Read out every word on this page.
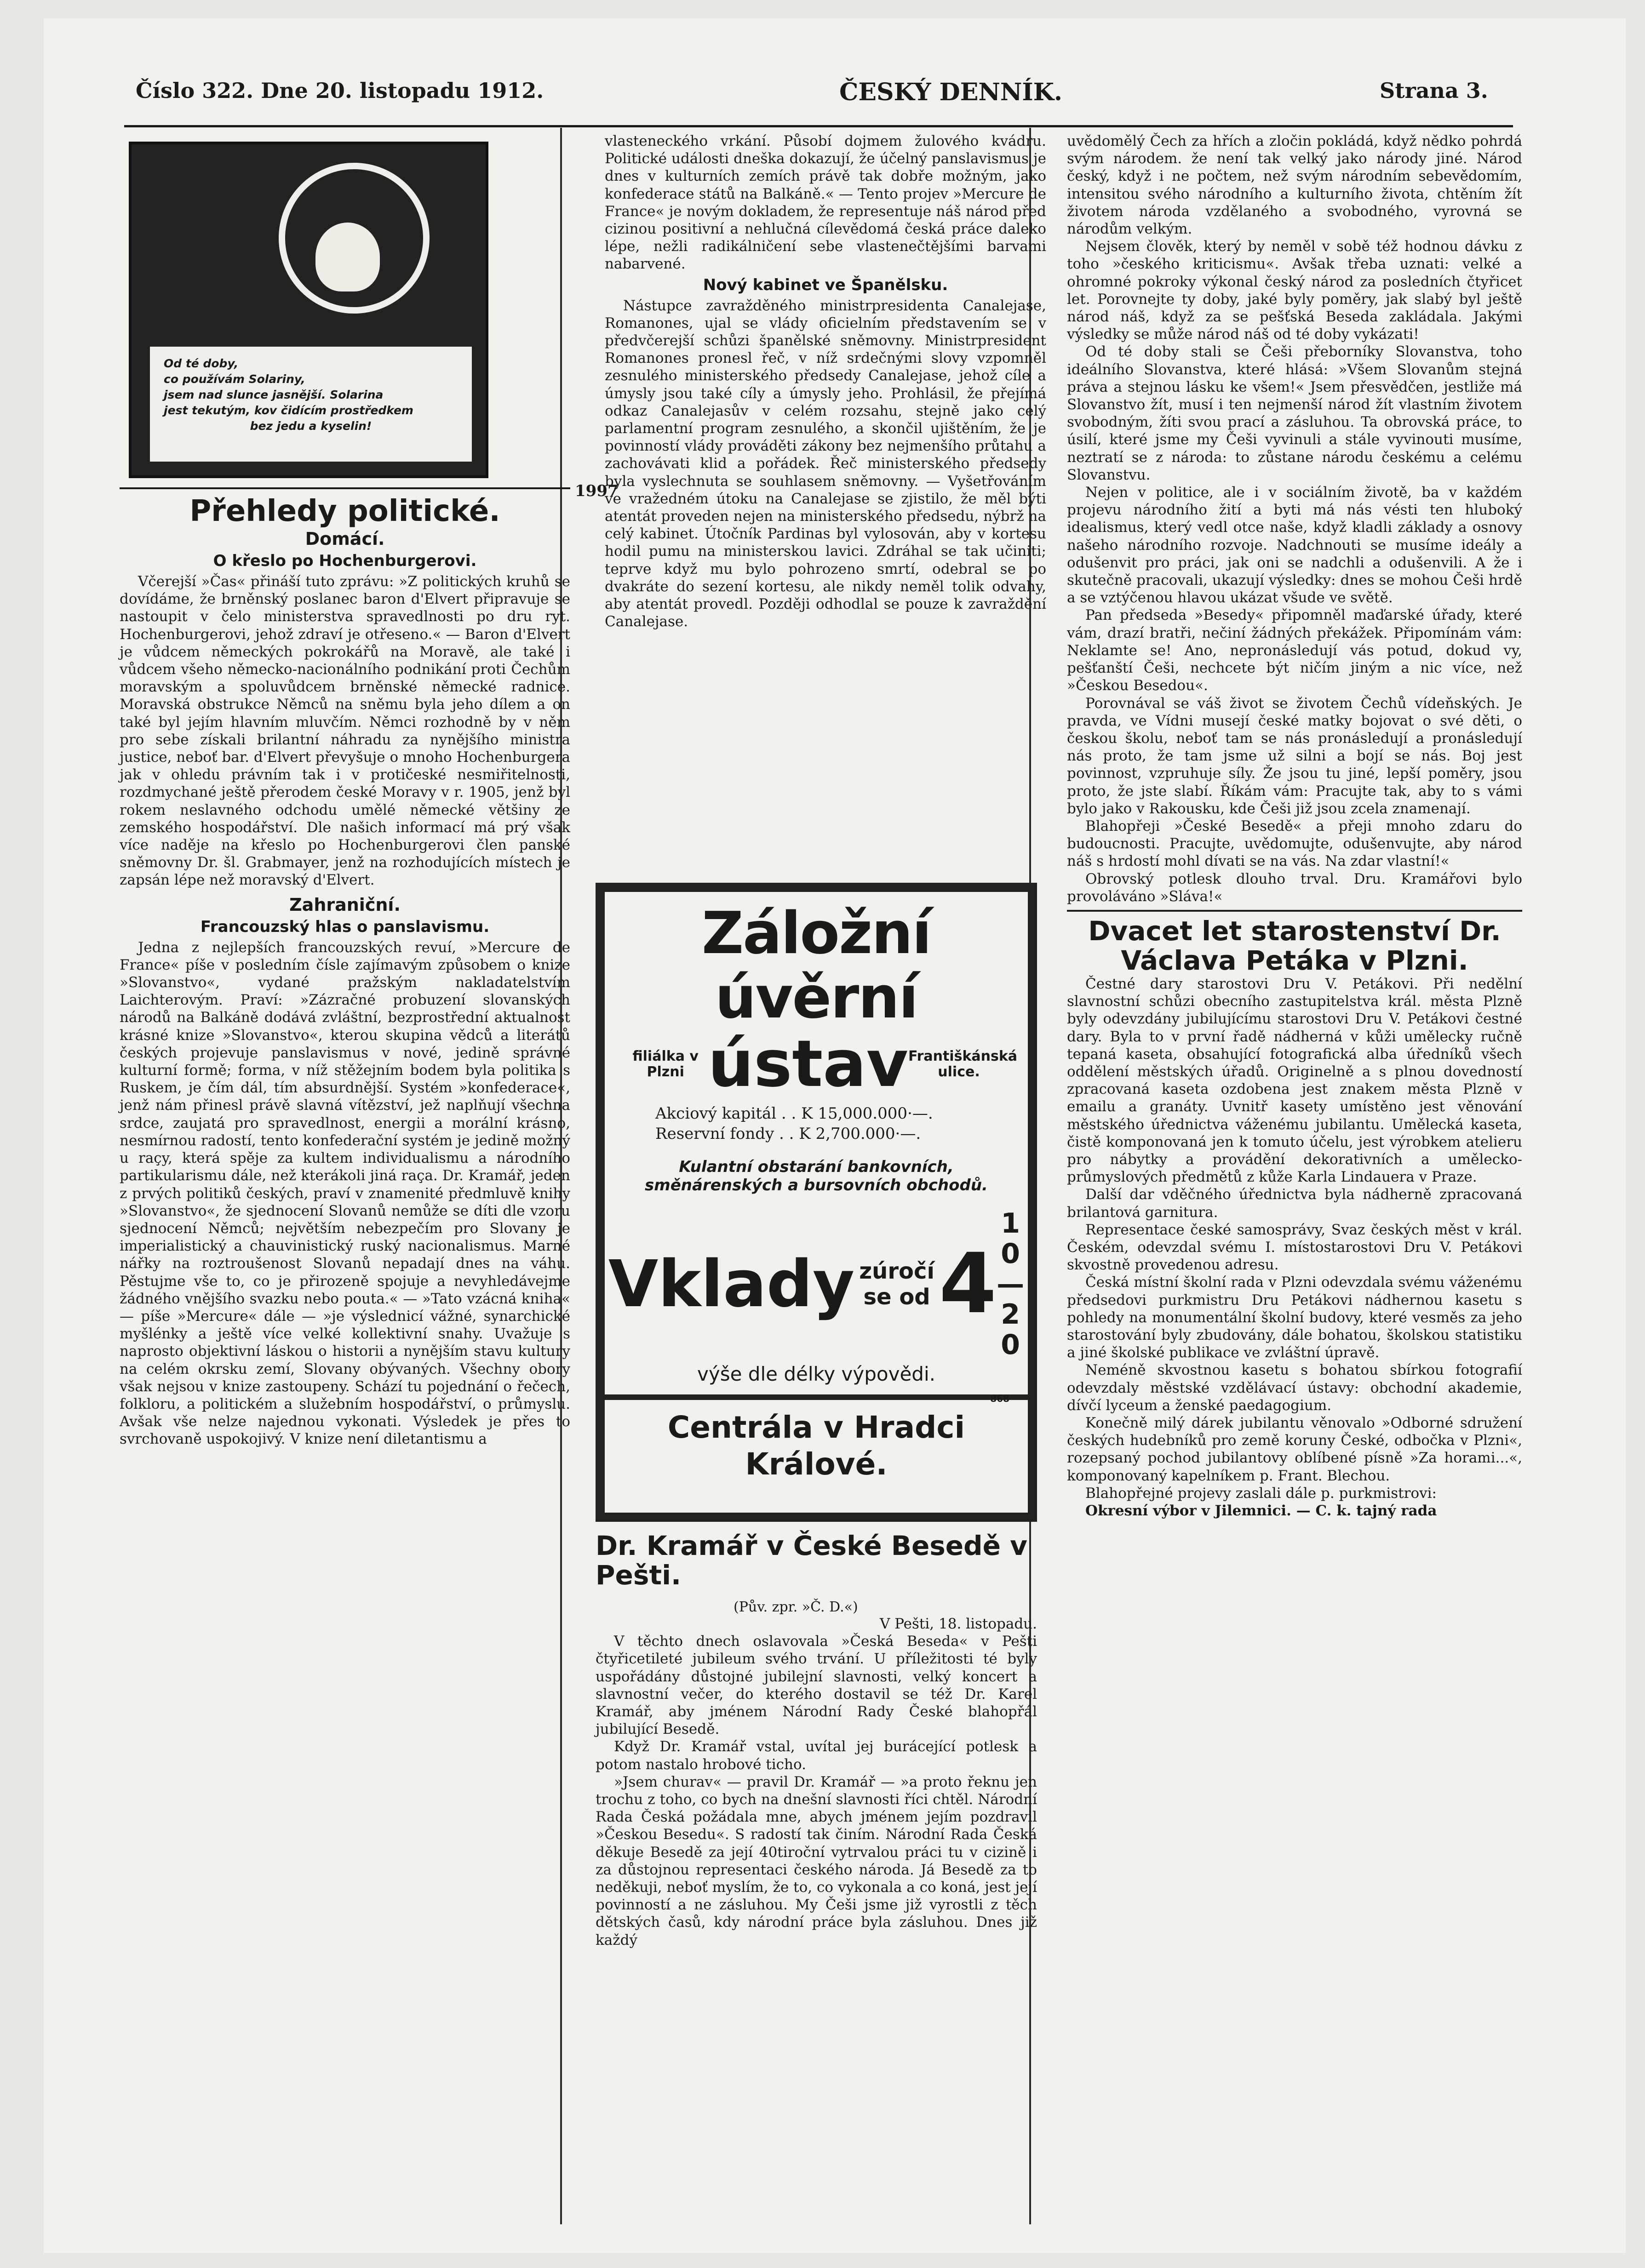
Číslo 322. Dne 20. listopadu 1912.	ČESKÝ DENNÍK.	Strana 3.
Od té doby,
co používám Solariny,
jsem nad slunce jasnější. Solarina
jest tekutým, kov čidícím prostředkem
bez jedu a kyselin!
1997
Přehledy politické.
Domácí.
O křeslo po Hochenburgerovi.

Včerejší »Čas« přináší tuto zprávu: »Z politických kruhů se dovídáme, že brněnský poslanec baron d'Elvert připravuje se nastoupit v čelo ministerstva spravedlnosti po dru ryt. Hochenburgerovi, jehož zdraví je otřeseno.« — Baron d'Elvert je vůdcem německých pokrokářů na Moravě, ale také i vůdcem všeho německo-nacionálního podnikání proti Čechům moravským a spoluvůdcem brněnské německé radnice. Moravská obstrukce Němců na sněmu byla jeho dílem a on také byl jejím hlavním mluvčím. Němci rozhodně by v něm pro sebe získali brilantní náhradu za nynějšího ministra justice, neboť bar. d'Elvert převyšuje o mnoho Hochenburgera jak v ohledu právním tak i v protičeské nesmiřitelnosti, rozdmychané ještě přerodem české Moravy v r. 1905, jenž byl rokem neslavného odchodu umělé německé většiny ze zemského hospodářství. Dle našich informací má prý však více naděje na křeslo po Hochenburgerovi člen panské sněmovny Dr. šl. Grabmayer, jenž na rozhodujících místech je zapsán lépe než moravský d'Elvert.

Zahraniční.
Francouzský hlas o panslavismu.

Jedna z nejlepších francouzských revuí, »Mercure de France« píše v posledním čísle zajímavým způsobem o knize »Slovanstvo«, vydané pražským nakladatelstvím Laichterovým. Praví: »Zázračné probuzení slovanských národů na Balkáně dodává zvláštní, bezprostřední aktualnost krásné knize »Slovanstvo«, kterou skupina vědců a literátů českých projevuje panslavismus v nové, jedině správné kulturní formě; forma, v níž stěžejním bodem byla politika s Ruskem, je čím dál, tím absurdnější. Systém »konfederace«, jenž nám přinesl právě slavná vítězství, jež naplňují všechna srdce, zaujatá pro spravedlnost, energii a morální krásno, nesmírnou radostí, tento konfederační systém je jedině možný u raçy, která spěje za kultem individualismu a národního partikularismu dále, než kterákoli jiná raça. Dr. Kramář, jeden z prvých politiků českých, praví v znamenité předmluvě knihy »Slovanstvo«, že sjednocení Slovanů nemůže se díti dle vzoru sjednocení Němců; největším nebezpečím pro Slovany je imperialistický a chauvinistický ruský nacionalismus. Marné nářky na roztroušenost Slovanů nepadají dnes na váhu. Pěstujme vše to, co je přirozeně spojuje a nevyhledávejme žádného vnějšího svazku nebo pouta.« — »Tato vzácná kniha« — píše »Mercure« dále — »je výslednicí vážné, synarchické myšlénky a ještě více velké kollektivní snahy. Uvažuje s naprosto objektivní láskou o historii a nynějším stavu kultury na celém okrsku zemí, Slovany obývaných. Všechny obory však nejsou v knize zastoupeny. Schází tu pojednání o řečech, folkloru, a politickém a služebním hospodářství, o průmyslu. Avšak vše nelze najednou vykonati. Výsledek je přes to svrchovaně uspokojivý. V knize není diletantismu a

vlasteneckého vrkání. Působí dojmem žulového kvádru. Politické události dneška dokazují, že účelný panslavismus je dnes v kulturních zemích právě tak dobře možným, jako konfederace států na Balkáně.« — Tento projev »Mercure de France« je novým dokladem, že representuje náš národ před cizinou positivní a nehlučná cílevědomá česká práce daleko lépe, nežli radikálničení sebe vlastenečtějšími barvami nabarvené.

Nový kabinet ve Španělsku.

Nástupce zavražděného ministrpresidenta Canalejase, Romanones, ujal se vlády oficielním představením se v předvčerejší schůzi španělské sněmovny. Ministrpresident Romanones pronesl řeč, v níž srdečnými slovy vzpomněl zesnulého ministerského předsedy Canalejase, jehož cíle a úmysly jsou také cíly a úmysly jeho. Prohlásil, že přejímá odkaz Canalejasův v celém rozsahu, stejně jako celý parlamentní program zesnulého, a skončil ujištěním, že je povinností vlády prováděti zákony bez nejmenšího průtahu a zachovávati klid a pořádek. Řeč ministerského předsedy byla vyslechnuta se souhlasem sněmovny. — Vyšetřováním ve vražedném útoku na Canalejase se zjistilo, že měl býti atentát proveden nejen na ministerského předsedu, nýbrž na celý kabinet. Útočník Pardinas byl vylosován, aby v kortesu hodil pumu na ministerskou lavici. Zdráhal se tak učiniti; teprve když mu bylo pohrozeno smrtí, odebral se po dvakráte do sezení kortesu, ale nikdy neměl tolik odvahy, aby atentát provedl. Později odhodlal se pouze k zavraždění Canalejase.

Záložní úvěrní
filiálka v Plzni ústav Františkánská ulice.
Akciový kapitál . . K 15,000.000·—.
Reservní fondy . . K 2,700.000·—.
Kulantní obstarání bankovních, směnárenských a bursovních obchodů.
Vklady zúročí
se od 4
1 0
—
2 0
výše dle délky výpovědi.
868
Centrála v Hradci Králové.
Dr. Kramář v České Besedě v Pešti.
(Pův. zpr. »Č. D.«)

V Pešti, 18. listopadu.

V těchto dnech oslavovala »Česká Beseda« v Pešti čtyřicetileté jubileum svého trvání. U příležitosti té byly uspořádány důstojné jubilejní slavnosti, velký koncert a slavnostní večer, do kterého dostavil se též Dr. Karel Kramář, aby jménem Národní Rady České blahopřál jubilující Besedě.

Když Dr. Kramář vstal, uvítal jej burácející potlesk a potom nastalo hrobové ticho.

»Jsem churav« — pravil Dr. Kramář — »a proto řeknu jen trochu z toho, co bych na dnešní slavnosti říci chtěl. Národní Rada Česká požádala mne, abych jménem jejím pozdravil »Českou Besedu«. S radostí tak činím. Národní Rada Česká děkuje Besedě za její 40tiroční vytrvalou práci tu v cizině i za důstojnou representaci českého národa. Já Besedě za to neděkuji, neboť myslím, že to, co vykonala a co koná, jest její povinností a ne zásluhou. My Češi jsme již vyrostli z těch dětských časů, kdy národní práce byla zásluhou. Dnes již každý

uvědomělý Čech za hřích a zločin pokládá, když nědko pohrdá svým národem. že není tak velký jako národy jiné. Národ český, když i ne počtem, než svým národním sebevědomím, intensitou svého národního a kulturního života, chtěním žít životem národa vzdělaného a svobodného, vyrovná se národům velkým.

Nejsem člověk, který by neměl v sobě též hodnou dávku z toho »českého kriticismu«. Avšak třeba uznati: velké a ohromné pokroky výkonal český národ za posledních čtyřicet let. Porovnejte ty doby, jaké byly poměry, jak slabý byl ještě národ náš, když za se pešťská Beseda zakládala. Jakými výsledky se může národ náš od té doby vykázati!

Od té doby stali se Češi přeborníky Slovanstva, toho ideálního Slovanstva, které hlásá: »Všem Slovanům stejná práva a stejnou lásku ke všem!« Jsem přesvědčen, jestliže má Slovanstvo žít, musí i ten nejmenší národ žít vlastním životem svobodným, žíti svou prací a zásluhou. Ta obrovská práce, to úsilí, které jsme my Češi vyvinuli a stále vyvinouti musíme, neztratí se z národa: to zůstane národu českému a celému Slovanstvu.

Nejen v politice, ale i v sociálním životě, ba v každém projevu národního žití a byti má nás vésti ten hluboký idealismus, který vedl otce naše, když kladli základy a osnovy našeho národního rozvoje. Nadchnouti se musíme ideály a odušenvit pro práci, jak oni se nadchli a odušenvili. A že i skutečně pracovali, ukazují výsledky: dnes se mohou Češi hrdě a se vztýčenou hlavou ukázat všude ve světě.

Pan předseda »Besedy« připomněl maďarské úřady, které vám, drazí bratři, nečiní žádných překážek. Připomínám vám: Neklamte se! Ano, nepronásledují vás potud, dokud vy, pešťanští Češi, nechcete být ničím jiným a nic více, než »Českou Besedou«.

Porovnával se váš život se životem Čechů vídeňských. Je pravda, ve Vídni musejí české matky bojovat o své děti, o českou školu, neboť tam se nás pronásledují a pronásledují nás proto, že tam jsme už silni a bojí se nás. Boj jest povinnost, vzpruhuje síly. Že jsou tu jiné, lepší poměry, jsou proto, že jste slabí. Říkám vám: Pracujte tak, aby to s vámi bylo jako v Rakousku, kde Češi již jsou zcela znamenají.

Blahopřeji »České Besedě« a přeji mnoho zdaru do budoucnosti. Pracujte, uvědomujte, odušenvujte, aby národ náš s hrdostí mohl dívati se na vás. Na zdar vlastní!«

Obrovský potlesk dlouho trval. Dru. Kramářovi bylo provoláváno »Sláva!«

Dvacet let starostenství Dr. Václava Petáka v Plzni.

Čestné dary starostovi Dru V. Petákovi. Při nedělní slavnostní schůzi obecního zastupitelstva král. města Plzně byly odevzdány jubilujícímu starostovi Dru V. Petákovi čestné dary. Byla to v první řadě nádherná v kůži umělecky ručně tepaná kaseta, obsahující fotografická alba úředníků všech oddělení městských úřadů. Originelně a s plnou dovedností zpracovaná kaseta ozdobena jest znakem města Plzně v emailu a granáty. Uvnitř kasety umístěno jest věnování městského úřednictva váženému jubilantu. Umělecká kaseta, čistě komponovaná jen k tomuto účelu, jest výrobkem atelieru pro nábytky a provádění dekorativních a umělecko-průmyslových předmětů z kůže Karla Lindauera v Praze.

Další dar vděčného úřednictva byla nádherně zpracovaná brilantová garnitura.

Representace české samosprávy, Svaz českých měst v král. Českém, odevzdal svému I. místostarostovi Dru V. Petákovi skvostně provedenou adresu.

Česká místní školní rada v Plzni odevzdala svému váženému předsedovi purkmistru Dru Petákovi nádhernou kasetu s pohledy na monumentální školní budovy, které vesměs za jeho starostování byly zbudovány, dále bohatou, školskou statistiku a jiné školské publikace ve zvláštní úpravě.

Neméně skvostnou kasetu s bohatou sbírkou fotografií odevzdaly městské vzdělávací ústavy: obchodní akademie, dívčí lyceum a ženské paedagogium.

Konečně milý dárek jubilantu věnovalo »Odborné sdružení českých hudebníků pro země koruny České, odbočka v Plzni«, rozepsaný pochod jubilantovy oblíbené písně »Za horami...«, komponovaný kapelníkem p. Frant. Blechou.

Blahopřejné projevy zaslali dále p. purkmistrovi:

Okresní výbor v Jilemnici. — C. k. tajný rada
